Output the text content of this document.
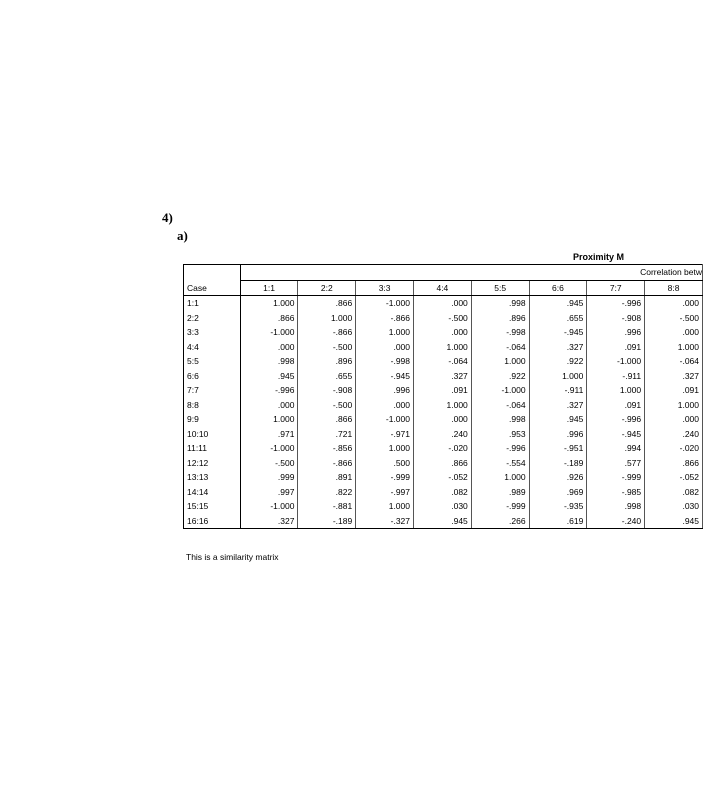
4)
a)
Proximity M
Case	Correlation betw							
	1:1	2:2	3:3	4:4	5:5	6:6	7:7	8:8
1:1	1.000	.866	-1.000	.000	.998	.945	-.996	.000
2:2	.866	1.000	-.866	-.500	.896	.655	-.908	-.500
3:3	-1.000	-.866	1.000	.000	-.998	-.945	.996	.000
4:4	.000	-.500	.000	1.000	-.064	.327	.091	1.000
5:5	.998	.896	-.998	-.064	1.000	.922	-1.000	-.064
6:6	.945	.655	-.945	.327	.922	1.000	-.911	.327
7:7	-.996	-.908	.996	.091	-1.000	-.911	1.000	.091
8:8	.000	-.500	.000	1.000	-.064	.327	.091	1.000
9:9	1.000	.866	-1.000	.000	.998	.945	-.996	.000
10:10	.971	.721	-.971	.240	.953	.996	-.945	.240
11:11	-1.000	-.856	1.000	-.020	-.996	-.951	.994	-.020
12:12	-.500	-.866	.500	.866	-.554	-.189	.577	.866
13:13	.999	.891	-.999	-.052	1.000	.926	-.999	-.052
14:14	.997	.822	-.997	.082	.989	.969	-.985	.082
15:15	-1.000	-.881	1.000	.030	-.999	-.935	.998	.030
16:16	.327	-.189	-.327	.945	.266	.619	-.240	.945
This is a similarity matrix
